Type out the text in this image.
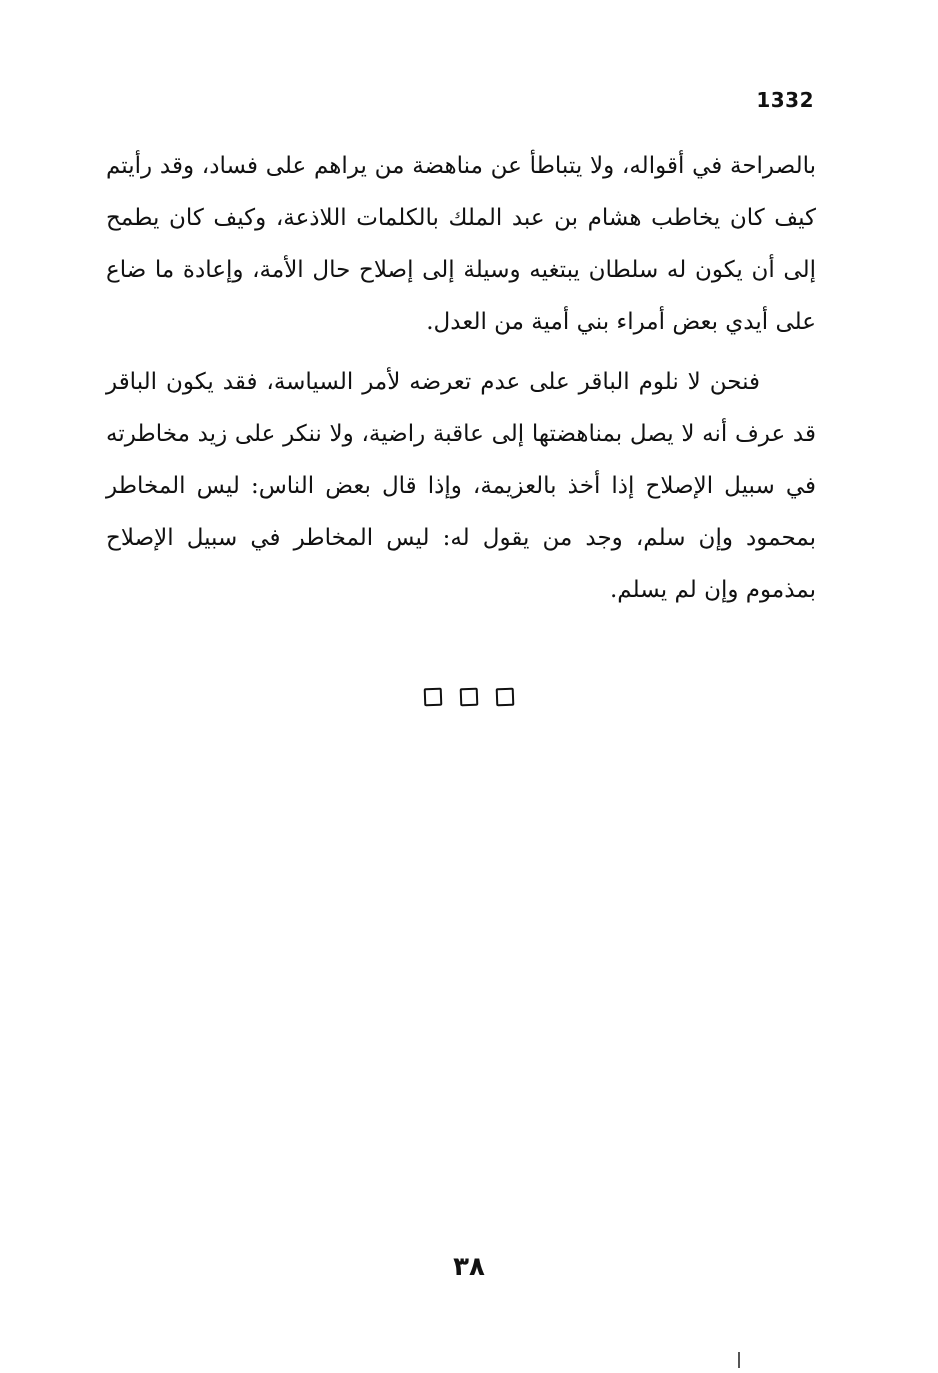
1332

بالصراحة في أقواله، ولا يتباطأ عن مناهضة من يراهم على فساد، وقد رأيتم كيف كان يخاطب هشام بن عبد الملك بالكلمات اللاذعة، وكيف كان يطمح إلى أن يكون له سلطان يبتغيه وسيلة إلى إصلاح حال الأمة، وإعادة ما ضاع على أيدي بعض أمراء بني أمية من العدل.

فنحن لا نلوم الباقر على عدم تعرضه لأمر السياسة، فقد يكون الباقر قد عرف أنه لا يصل بمناهضتها إلى عاقبة راضية، ولا ننكر على زيد مخاطرته في سبيل الإصلاح إذا أخذ بالعزيمة، وإذا قال بعض الناس: ليس المخاطر بمحمود وإن سلم، وجد من يقول له: ليس المخاطر في سبيل الإصلاح بمذموم وإن لم يسلم.

٣٨
